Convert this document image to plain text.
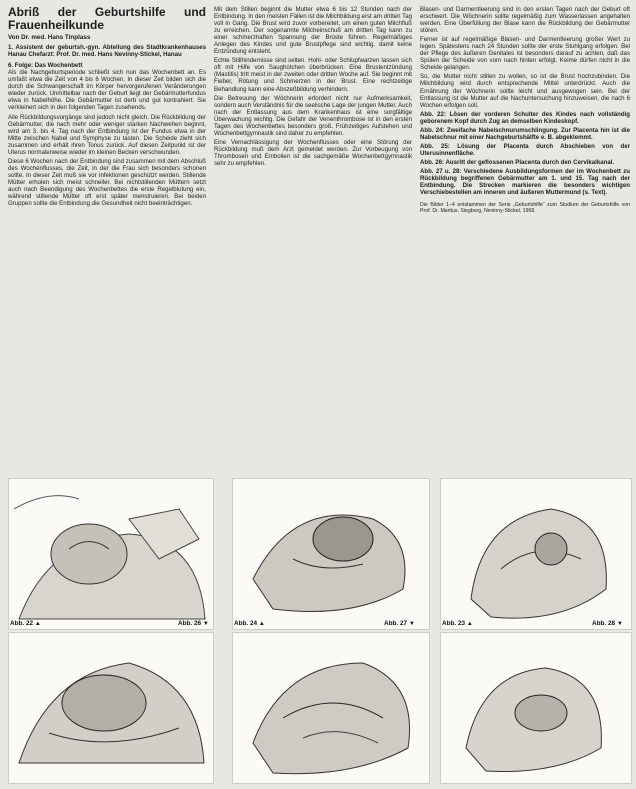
Abriß der Geburtshilfe und Frauenheilkunde
Von Dr. med. Hans Tinplass
1. Assistent der geburtsh.-gyn. Abteilung des Stadtkrankenhauses Hanau Chefarzt: Prof. Dr. med. Hans Nevinny-Stickel, Hanau
6. Folge: Das Wochenbett

Als die Nachgeburtsperiode schließt sich nun das Wochenbett an. Es umfaßt etwa die Zeit von 4 bis 6 Wochen. In dieser Zeit bilden sich die durch die Schwangerschaft im Körper hervorgerufenen Veränderungen wieder zurück. Unmittelbar nach der Geburt liegt der Gebärmutterfundus etwa in Nabelhöhe. Die Gebärmutter ist derb und gut kontrahiert. Sie verkleinert sich in den folgenden Tagen zusehends.

Alle Rückbildungsvorgänge sind jedoch nicht gleich. Die Rückbildung der Gebärmutter, die nach mehr oder weniger starken Nachwehen beginnt, wird am 3. bis 4. Tag nach der Entbindung ist der Fundus etwa in der Mitte zwischen Nabel und Symphyse zu tasten. Die Scheide zieht sich zusammen und erhält ihren Tonus zurück. Auf diesen Zeitpunkt ist der Uterus normalerweise wieder im kleinen Becken verschwunden.

Diese 6 Wochen nach der Entbindung sind zusammen mit dem Abschluß des Wochenflusses, die Zeit, in der die Frau sich besonders schonen sollte. In dieser Zeit muß sie vor Infektionen geschützt werden. Stillende Mütter erholen sich meist schneller. Bei nichtstillenden Müttern setzt auch nach Beendigung des Wochenbettes die erste Regelblutung ein, während stillende Mütter oft erst später menstruieren. Bei beiden Gruppen sollte die Entbindung die Gesundheit nicht beeinträchtigen.

Mit dem Stillen beginnt die Mutter etwa 6 bis 12 Stunden nach der Entbindung. In den meisten Fällen ist die Milchbildung erst am dritten Tag voll in Gang. Die Brust wird zuvor vorbereitet, um einen guten Milchfluß zu erreichen. Der sogenannte Milcheinschuß am dritten Tag kann zu einer schmerzhaften Spannung der Brüste führen. Regelmäßiges Anlegen des Kindes und gute Brustpflege sind wichtig, damit keine Entzündung entsteht.

Echte Stillhindernisse sind selten. Hohl- oder Schlupfwarzen lassen sich oft mit Hilfe von Saughütchen überbrücken. Eine Brustentzündung (Mastitis) tritt meist in der zweiten oder dritten Woche auf. Sie beginnt mit Fieber, Rötung und Schmerzen in der Brust. Eine rechtzeitige Behandlung kann eine Abszeßbildung verhindern.

Die Betreuung der Wöchnerin erfordert nicht nur Aufmerksamkeit, sondern auch Verständnis für die seelische Lage der jungen Mutter. Auch nach der Entlassung aus dem Krankenhaus ist eine sorgfältige Überwachung wichtig. Die Gefahr der Venenthrombose ist in den ersten Tagen des Wochenbettes besonders groß. Frühzeitiges Aufstehen und Wochenbettgymnastik sind daher zu empfehlen.

Eine Vernachlässigung der Wochenflusses oder eine Störung der Rückbildung muß dem Arzt gemeldet werden. Zur Vorbeugung von Thrombosen und Embolien ist die sachgemäße Wochenbettgymnastik sehr zu empfehlen.

Blasen- und Darmentleerung sind in den ersten Tagen nach der Geburt oft erschwert. Die Wöchnerin sollte regelmäßig zum Wasserlassen angehalten werden. Eine Überfüllung der Blase kann die Rückbildung der Gebärmutter stören.

Ferner ist auf regelmäßige Blasen- und Darmentleerung großer Wert zu legen. Spätestens nach 24 Stunden sollte der erste Stuhlgang erfolgen. Bei der Pflege des äußeren Genitales ist besonders darauf zu achten, daß das Spülen der Scheide von vorn nach hinten erfolgt. Keime dürfen nicht in die Scheide gelangen.

So, die Mutter nicht stillen zu wollen, so ist die Brust hochzubinden. Die Milchbildung wird durch entsprechende Mittel unterdrückt. Auch die Ernährung der Wöchnerin sollte leicht und ausgewogen sein. Bei der Entlassung ist die Mutter auf die Nachuntersuchung hinzuweisen, die nach 6 Wochen erfolgen soll.

Abb. 22: Lösen der vorderen Schulter des Kindes nach vollständig geborenem Kopf durch Zug an demselben Kindeskopf.
Abb. 24: Zweifache Nabelschnurumschlingung. Zur Placenta hin ist die Nabelschnur mit einer Nachgeburtshälfte e. B. abgeklemmt.
Abb. 25: Lösung der Placenta durch Abschieben von der Uterusinnenfläche.
Abb. 26: Ausritt der geflossenen Placenta durch den Cervikalkanal.
Abb. 27 u. 28: Verschiedene Ausbildungsformen der im Wochenbett zu Rückbildung begriffenen Gebärmutter am 1. und 15. Tag nach der Entbindung. Die Strecken markieren die besonders wichtigen Verschiebestellen am inneren und äußeren Muttermund (s. Text).
Die Bilder 1–4 entstammen der Serie „Geburtshilfe“ zum Studium der Geburtshilfe von Prof. Dr. Martius, Siegburg, Nevinny-Stickel, 1968.
Abb. 22 ▲	Abb. 26 ▼	Abb. 24 ▲	Abb. 27 ▼	Abb. 23 ▲	Abb. 28 ▼
